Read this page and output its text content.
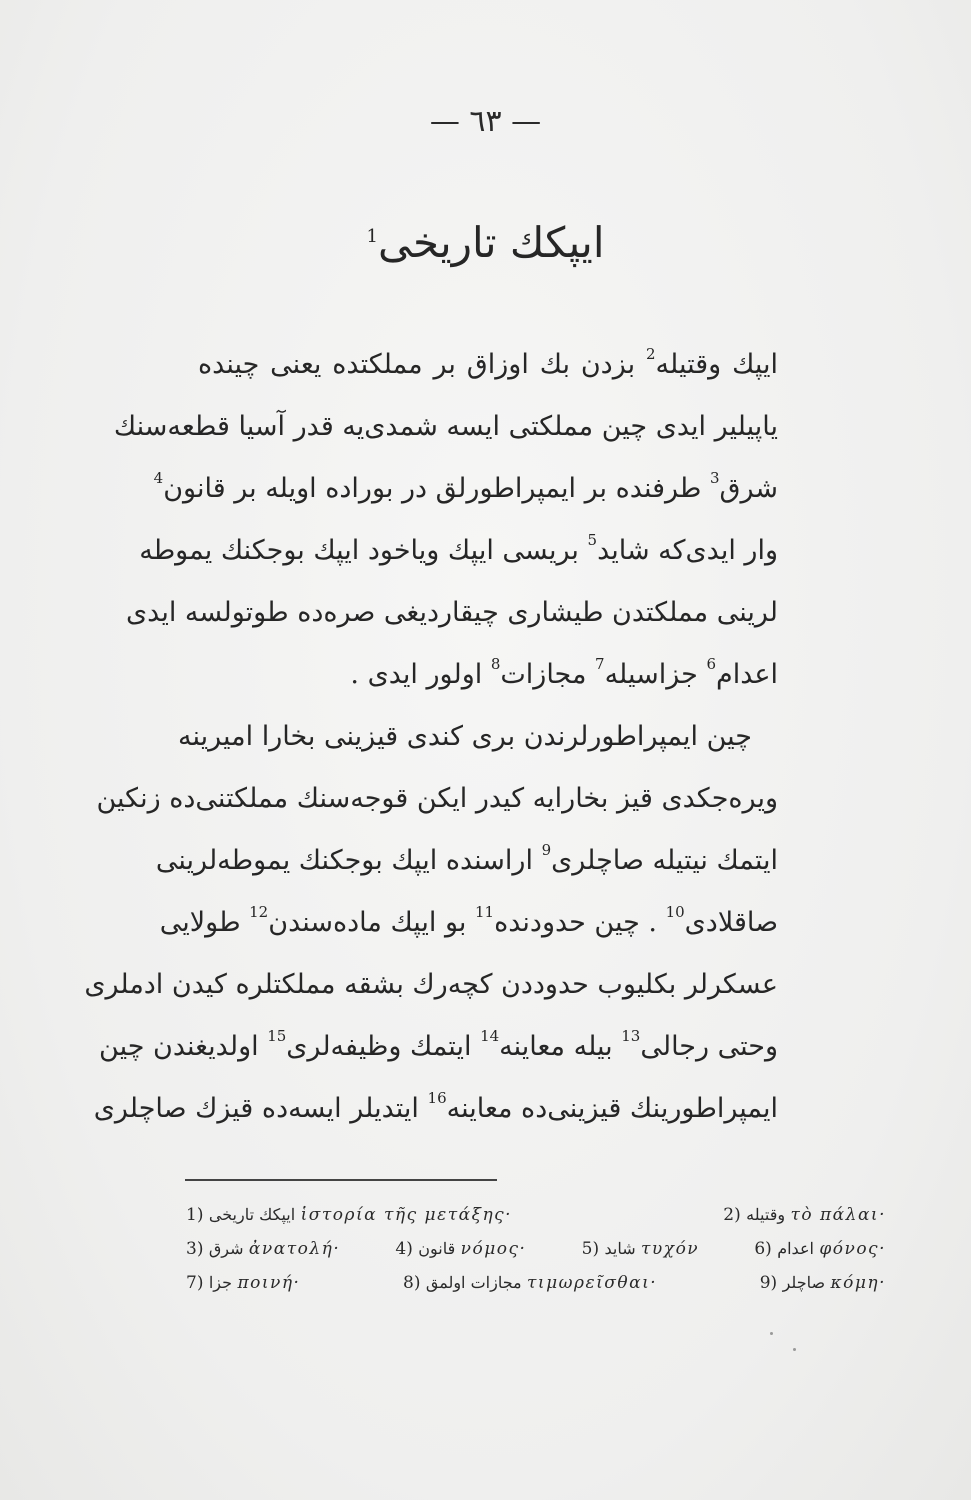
— ٦٣ —
ایپكك تاریخی$^1$
ایپك وقتیله$^2$ بزدن بك اوزاق بر مملكتده یعنی چینده
یاپیلیر ایدی چین مملكتی ایسه شمدی‌یه قدر آسیا قطعه‌سنك
شرق$^3$ طرفنده بر ایمپراطورلق در بوراده اویله بر قانون$^4$
وار ایدی‌كه شاید$^5$ بریسی ایپك ویاخود ایپك بوجكنك یموطه‌
لرینی مملكتدن طیشاری چیقاردیغی صره‌ده طوتولسه ایدی
اعدام$^6$ جزاسیله$^7$ مجازات$^8$ اولور ایدی .
چین ایمپراطورلرندن بری كندی قیزینی بخارا امیرینه
ویره‌جكدی قیز بخارایه كیدر ایكن قوجه‌سنك مملكتنی‌ده زنكین
ایتمك نیتیله صاچلری$^9$ اراسنده ایپك بوجكنك یموطه‌لرینی
صاقلادی$^{10}$ . چین حدودنده$^{11}$ بو ایپك ماده‌سندن$^{12}$ طولایی
عسكرلر بكلیوب حدوددن كچه‌رك بشقه مملكتلره كیدن ادملری
وحتی رجالی$^{13}$ بیله معاینه$^{14}$ ایتمك وظیفه‌لری$^{15}$ اولدیغندن چین
ایمپراطورینك قیزینی‌ده معاینه$^{16}$ ایتدیلر ایسه‌ده قیزك صاچلری
1) ایپكك تاریخی ἱστορία τῆς μετάξης·	2) وقتیله τὸ πάλαι·
3) شرق ἀνατολή·	4) قانون νόμος·	5) شاید τυχόν	6) اعدام φόνος·
7) جزا ποινή·	8) مجازات اولمق τιμωρεῖσθαι·	9) صاچلر κόμη·
